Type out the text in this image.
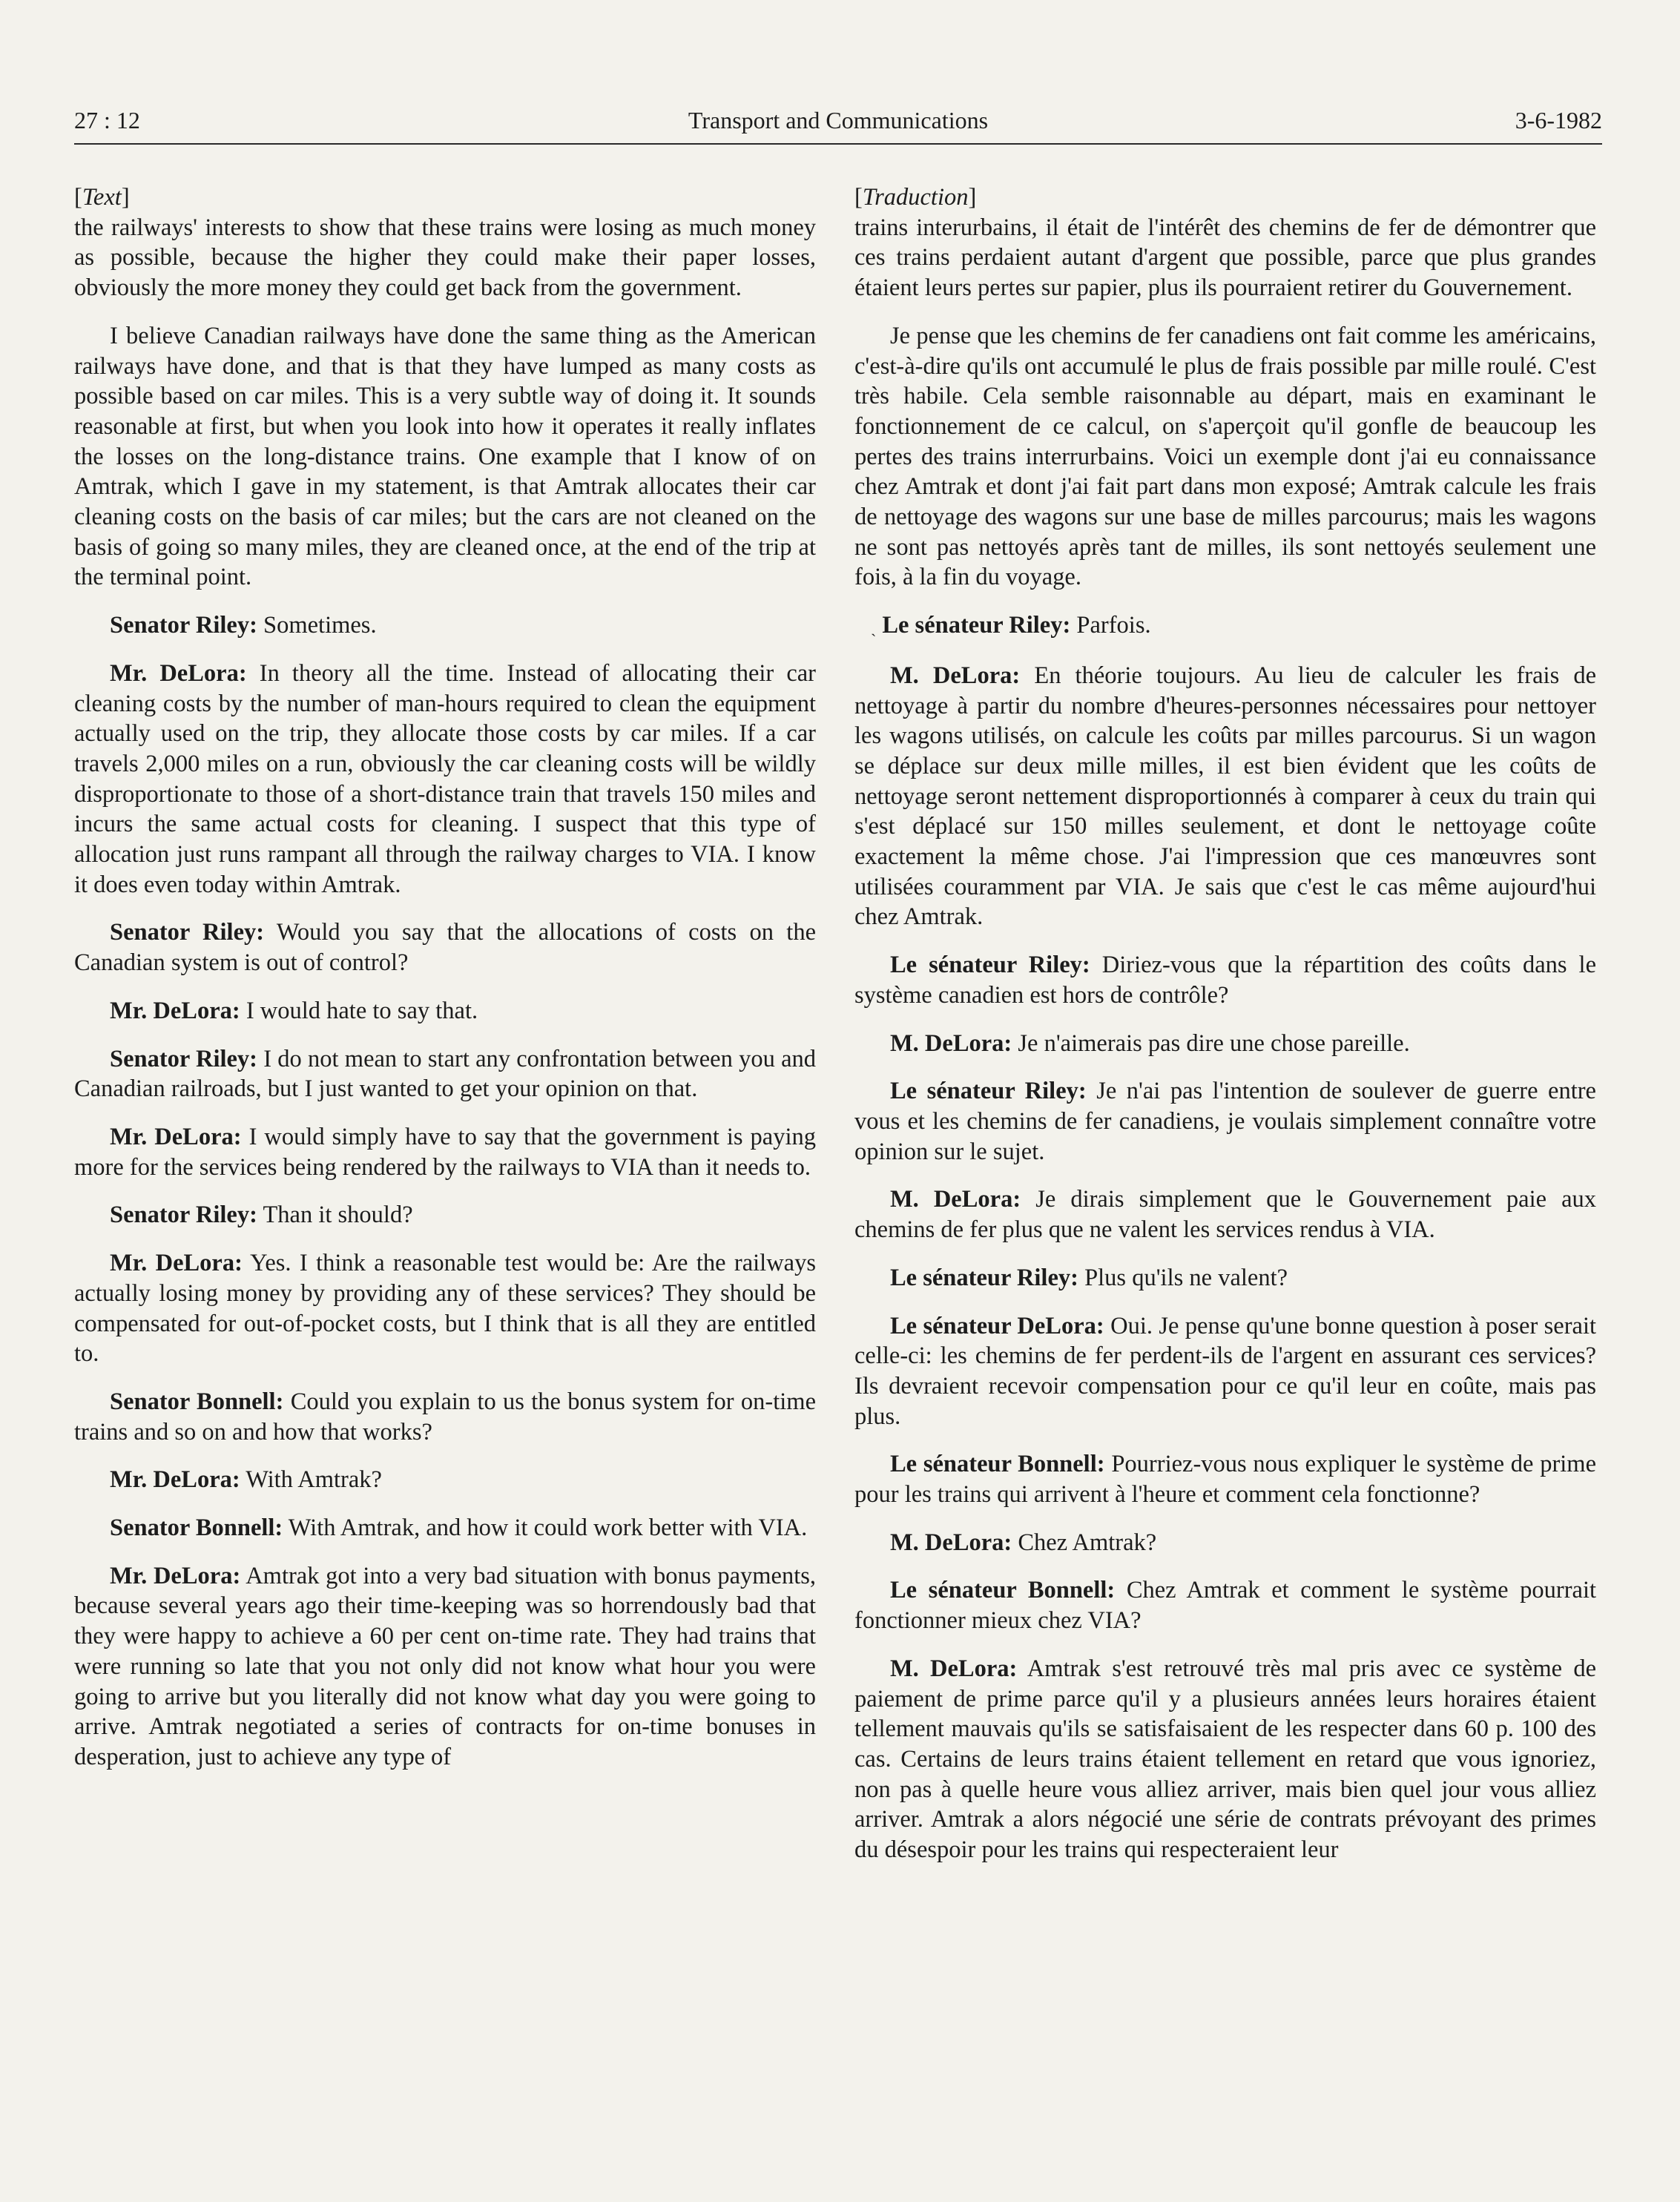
27 : 12	Transport and Communications	3-6-1982

[Text]

the railways' interests to show that these trains were losing as much money as possible, because the higher they could make their paper losses, obviously the more money they could get back from the government.

I believe Canadian railways have done the same thing as the American railways have done, and that is that they have lumped as many costs as possible based on car miles. This is a very subtle way of doing it. It sounds reasonable at first, but when you look into how it operates it really inflates the losses on the long-distance trains. One example that I know of on Amtrak, which I gave in my statement, is that Amtrak allocates their car cleaning costs on the basis of car miles; but the cars are not cleaned on the basis of going so many miles, they are cleaned once, at the end of the trip at the terminal point.

Senator Riley: Sometimes.

Mr. DeLora: In theory all the time. Instead of allocating their car cleaning costs by the number of man-hours required to clean the equipment actually used on the trip, they allocate those costs by car miles. If a car travels 2,000 miles on a run, obviously the car cleaning costs will be wildly disproportionate to those of a short-distance train that travels 150 miles and incurs the same actual costs for cleaning. I suspect that this type of allocation just runs rampant all through the railway charges to VIA. I know it does even today within Amtrak.

Senator Riley: Would you say that the allocations of costs on the Canadian system is out of control?

Mr. DeLora: I would hate to say that.

Senator Riley: I do not mean to start any confrontation between you and Canadian railroads, but I just wanted to get your opinion on that.

Mr. DeLora: I would simply have to say that the government is paying more for the services being rendered by the railways to VIA than it needs to.

Senator Riley: Than it should?

Mr. DeLora: Yes. I think a reasonable test would be: Are the railways actually losing money by providing any of these services? They should be compensated for out-of-pocket costs, but I think that is all they are entitled to.

Senator Bonnell: Could you explain to us the bonus system for on-time trains and so on and how that works?

Mr. DeLora: With Amtrak?

Senator Bonnell: With Amtrak, and how it could work better with VIA.

Mr. DeLora: Amtrak got into a very bad situation with bonus payments, because several years ago their time-keeping was so horrendously bad that they were happy to achieve a 60 per cent on-time rate. They had trains that were running so late that you not only did not know what hour you were going to arrive but you literally did not know what day you were going to arrive. Amtrak negotiated a series of contracts for on-time bonuses in desperation, just to achieve any type of

[Traduction]

trains interurbains, il était de l'intérêt des chemins de fer de démontrer que ces trains perdaient autant d'argent que possible, parce que plus grandes étaient leurs pertes sur papier, plus ils pourraient retirer du Gouvernement.

Je pense que les chemins de fer canadiens ont fait comme les américains, c'est-à-dire qu'ils ont accumulé le plus de frais possible par mille roulé. C'est très habile. Cela semble raisonnable au départ, mais en examinant le fonctionnement de ce calcul, on s'aperçoit qu'il gonfle de beaucoup les pertes des trains interrurbains. Voici un exemple dont j'ai eu connaissance chez Amtrak et dont j'ai fait part dans mon exposé; Amtrak calcule les frais de nettoyage des wagons sur une base de milles parcourus; mais les wagons ne sont pas nettoyés après tant de milles, ils sont nettoyés seulement une fois, à la fin du voyage.

ˎ Le sénateur Riley: Parfois.

M. DeLora: En théorie toujours. Au lieu de calculer les frais de nettoyage à partir du nombre d'heures-personnes nécessaires pour nettoyer les wagons utilisés, on calcule les coûts par milles parcourus. Si un wagon se déplace sur deux mille milles, il est bien évident que les coûts de nettoyage seront nettement disproportionnés à comparer à ceux du train qui s'est déplacé sur 150 milles seulement, et dont le nettoyage coûte exactement la même chose. J'ai l'impression que ces manœuvres sont utilisées couramment par VIA. Je sais que c'est le cas même aujourd'hui chez Amtrak.

Le sénateur Riley: Diriez-vous que la répartition des coûts dans le système canadien est hors de contrôle?

M. DeLora: Je n'aimerais pas dire une chose pareille.

Le sénateur Riley: Je n'ai pas l'intention de soulever de guerre entre vous et les chemins de fer canadiens, je voulais simplement connaître votre opinion sur le sujet.

M. DeLora: Je dirais simplement que le Gouvernement paie aux chemins de fer plus que ne valent les services rendus à VIA.

Le sénateur Riley: Plus qu'ils ne valent?

Le sénateur DeLora: Oui. Je pense qu'une bonne question à poser serait celle-ci: les chemins de fer perdent-ils de l'argent en assurant ces services? Ils devraient recevoir compensation pour ce qu'il leur en coûte, mais pas plus.

Le sénateur Bonnell: Pourriez-vous nous expliquer le système de prime pour les trains qui arrivent à l'heure et comment cela fonctionne?

M. DeLora: Chez Amtrak?

Le sénateur Bonnell: Chez Amtrak et comment le système pourrait fonctionner mieux chez VIA?

M. DeLora: Amtrak s'est retrouvé très mal pris avec ce système de paiement de prime parce qu'il y a plusieurs années leurs horaires étaient tellement mauvais qu'ils se satisfaisaient de les respecter dans 60 p. 100 des cas. Certains de leurs trains étaient tellement en retard que vous ignoriez, non pas à quelle heure vous alliez arriver, mais bien quel jour vous alliez arriver. Amtrak a alors négocié une série de contrats prévoyant des primes du désespoir pour les trains qui respecteraient leur
